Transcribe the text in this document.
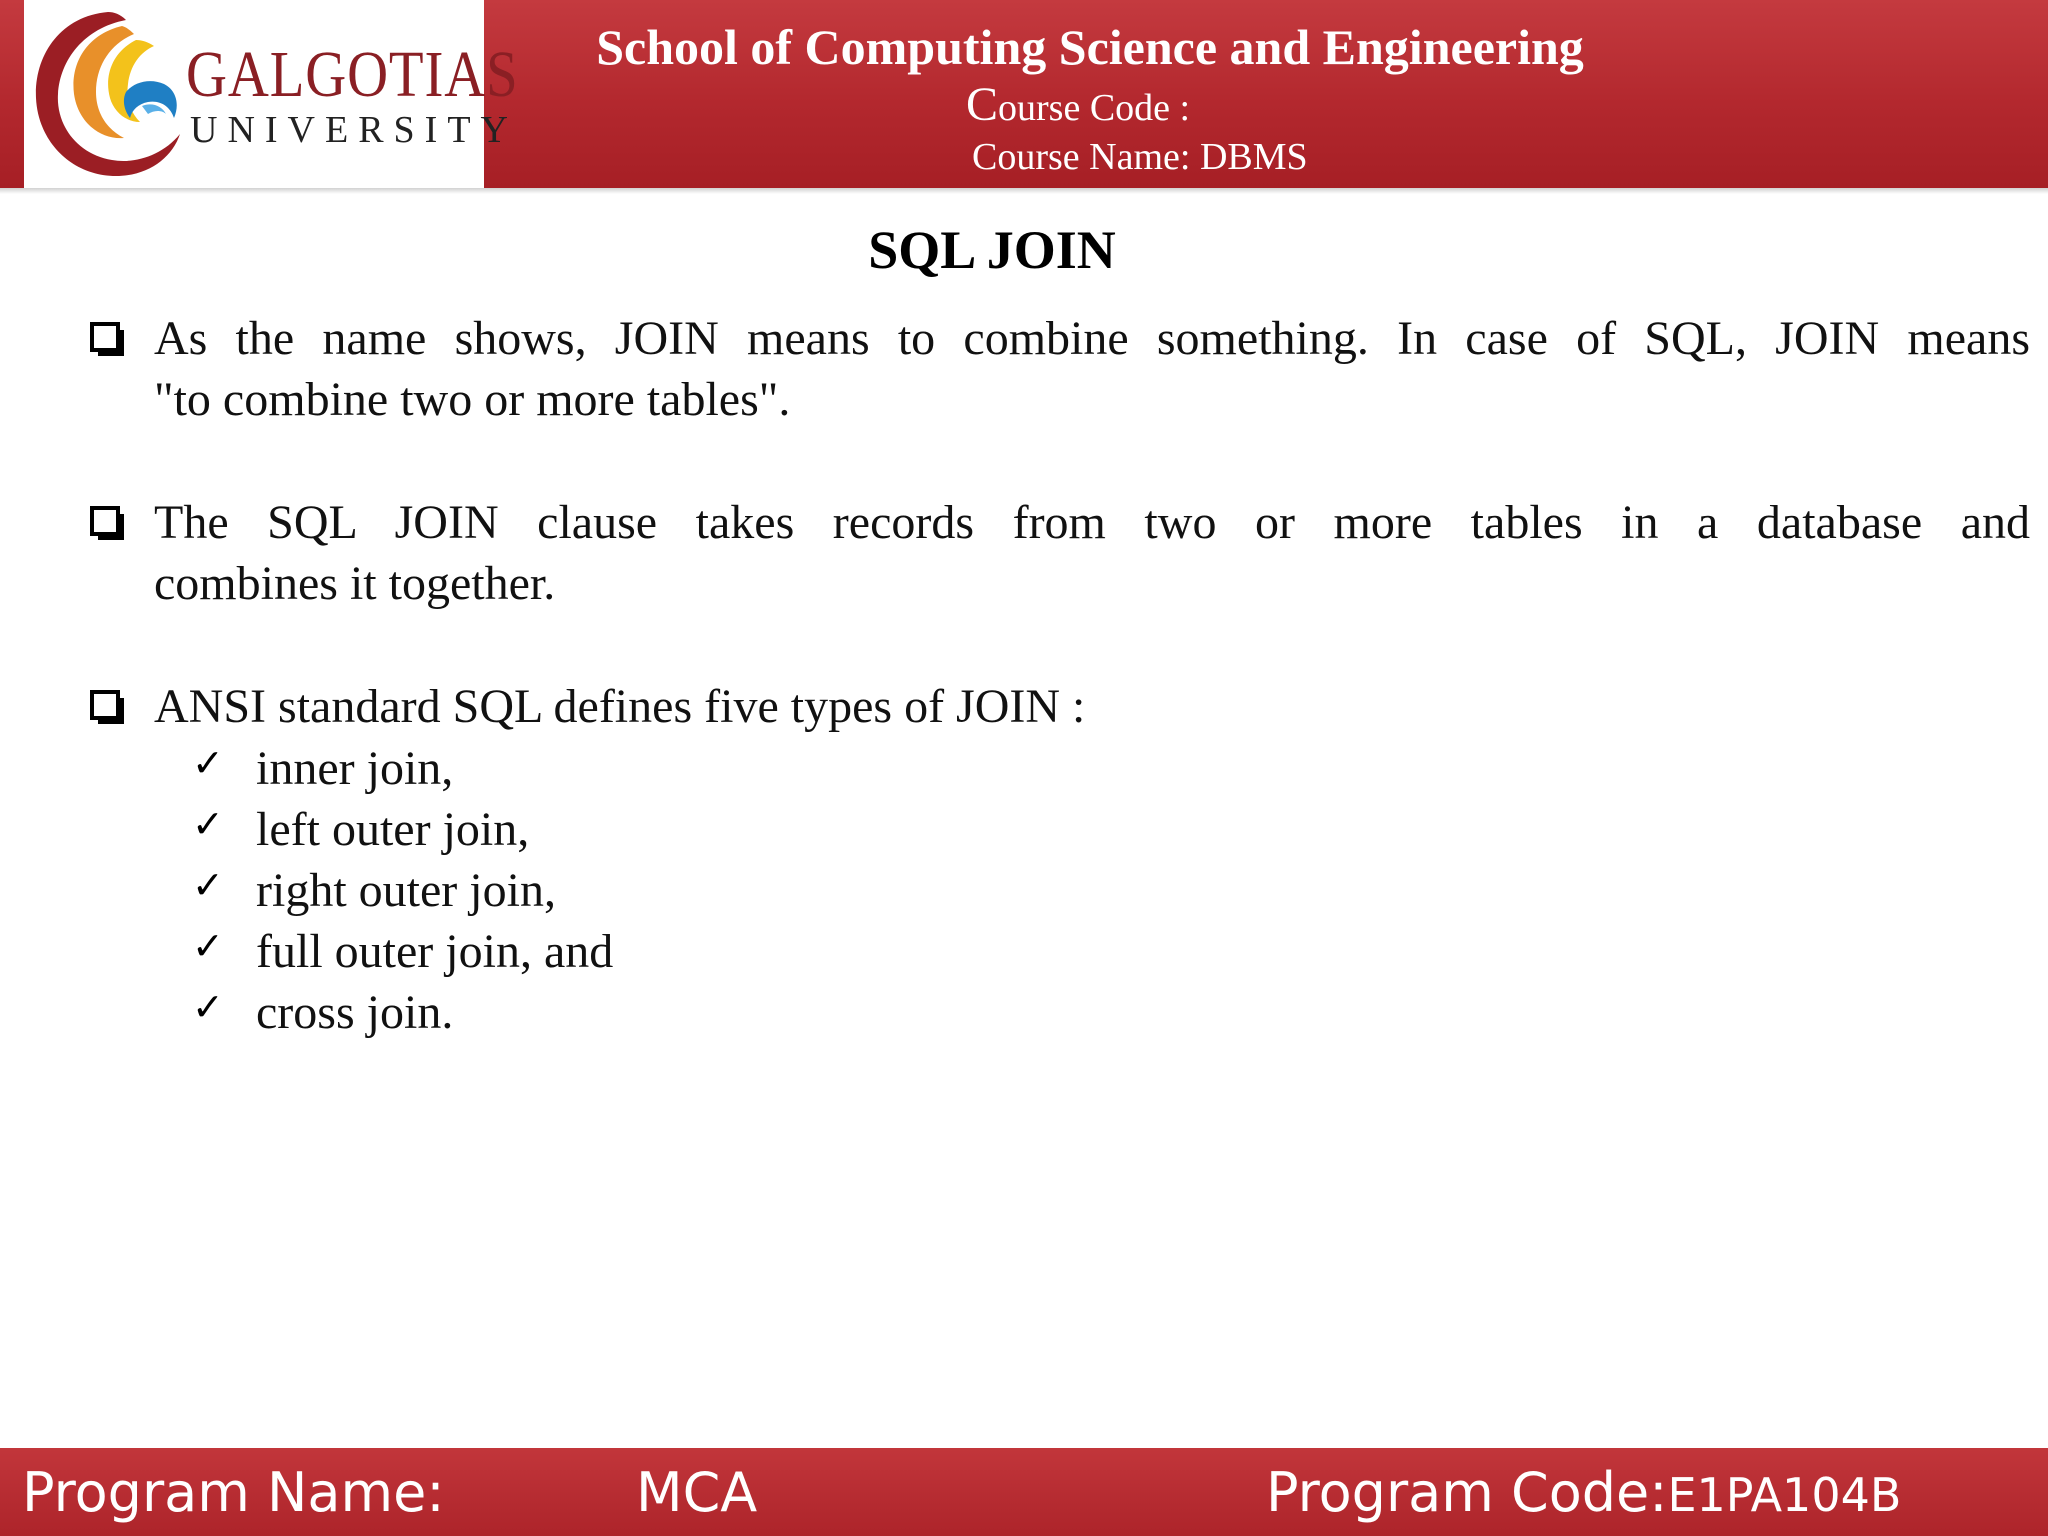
GALGOTIAS
UNIVERSITY
School of Computing Science and Engineering
Course Code :
Course Name: DBMS
SQL JOIN
As the name shows, JOIN means to combine something. In case of SQL, JOIN means
"to combine two or more tables".
The SQL JOIN clause takes records from two or more tables in a database and
combines it together.
ANSI standard SQL defines five types of JOIN :
✓ inner join,
✓ left outer join,
✓ right outer join,
✓ full outer join, and
✓ cross join.
Program Name:	MCA	Program Code:E1PA104B
